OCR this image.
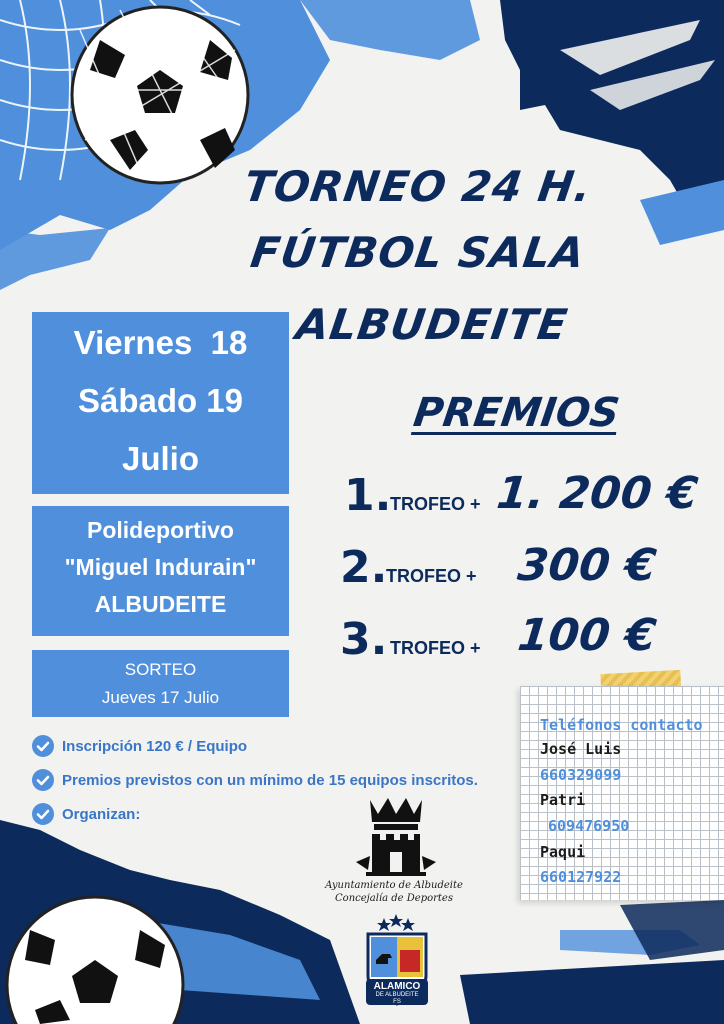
TORNEO 24 H.
FÚTBOL SALA
ALBUDEITE
Viernes  18
Sábado 19
Julio
Polideportivo
"Miguel Indurain"
ALBUDEITE
SORTEO
Jueves 17 Julio
PREMIOS
1.
TROFEO + 1. 200 €
2.
TROFEO + 300 €
3. TROFEO + 100 €
Inscripción 120 € / Equipo
Premios previstos con un mínimo de 15 equipos inscritos.
Organizan:
Teléfonos contacto
José Luis
660329099
Patri
609476950
Paqui
660127922
Ayuntamiento de Albudeite
Concejalía de Deportes
ALAMICO
DE ALBUDEITE
FS
